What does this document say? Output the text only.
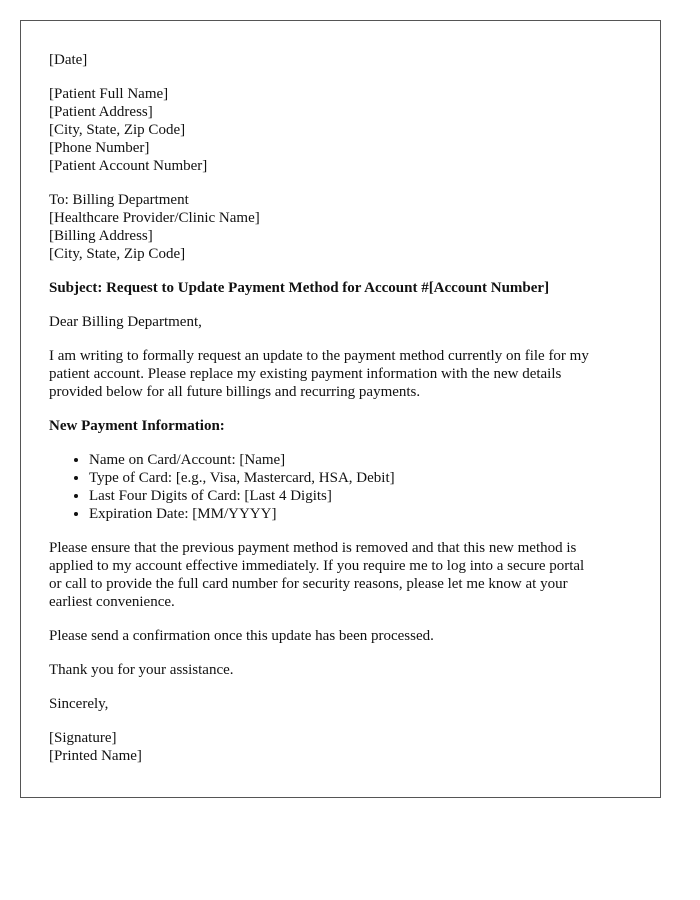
[Date]

[Patient Full Name]
[Patient Address]
[City, State, Zip Code]
[Phone Number]
[Patient Account Number]

To: Billing Department
[Healthcare Provider/Clinic Name]
[Billing Address]
[City, State, Zip Code]

Subject: Request to Update Payment Method for Account #[Account Number]

Dear Billing Department,

I am writing to formally request an update to the payment method currently on file for my
patient account. Please replace my existing payment information with the new details
provided below for all future billings and recurring payments.

New Payment Information:

• Name on Card/Account: [Name]
• Type of Card: [e.g., Visa, Mastercard, HSA, Debit]
• Last Four Digits of Card: [Last 4 Digits]
• Expiration Date: [MM/YYYY]

Please ensure that the previous payment method is removed and that this new method is
applied to my account effective immediately. If you require me to log into a secure portal
or call to provide the full card number for security reasons, please let me know at your
earliest convenience.

Please send a confirmation once this update has been processed.

Thank you for your assistance.

Sincerely,

[Signature]
[Printed Name]
